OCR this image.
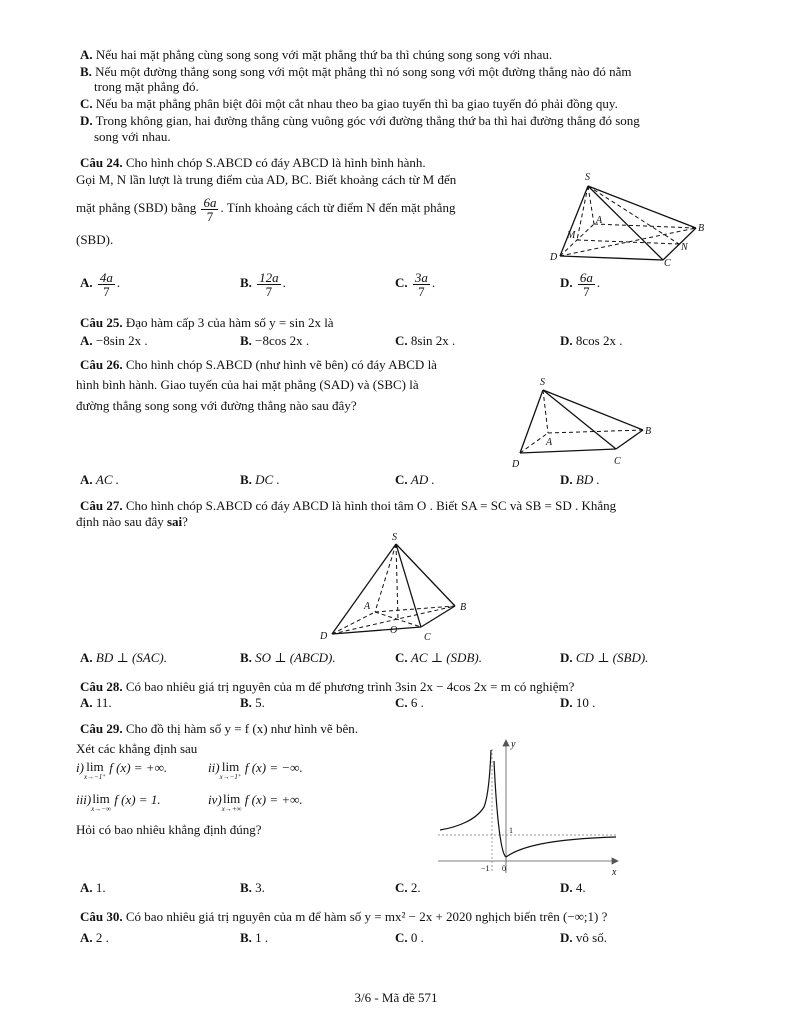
A. Nếu hai mặt phẳng cùng song song với mặt phẳng thứ ba thì chúng song song với nhau.
B. Nếu một đường thẳng song song với một mặt phẳng thì nó song song với một đường thẳng nào đó nằm
trong mặt phẳng đó.
C. Nếu ba mặt phẳng phân biệt đôi một cắt nhau theo ba giao tuyến thì ba giao tuyến đó phải đồng quy.
D. Trong không gian, hai đường thẳng cùng vuông góc với đường thẳng thứ ba thì hai đường thẳng đó song
song với nhau.
Câu 24. Cho hình chóp S.ABCD có đáy ABCD là hình bình hành.
Gọi M, N lần lượt là trung điểm của AD, BC. Biết khoảng cách từ M đến
mặt phẳng (SBD) bằng $\frac{6a}{7}$ . Tính khoảng cách từ điểm N đến mặt phẳng
(SBD).
S
A
B
C
D
M
N
A. $\frac{4a}{7}$ .	B. $\frac{12a}{7}$ .	C. $\frac{3a}{7}$ .	D. $\frac{6a}{7}$ .
Câu 25. Đạo hàm cấp 3 của hàm số y = sin 2x là
A. −8sin 2x .	B. −8cos 2x .	C. 8sin 2x .	D. 8cos 2x .
Câu 26. Cho hình chóp S.ABCD (như hình vẽ bên) có đáy ABCD là
hình bình hành. Giao tuyến của hai mặt phẳng (SAD) và (SBC) là
đường thẳng song song với đường thẳng nào sau đây?
S
A
B
C
D
A. AC .	B. DC .	C. AD .	D. BD .
Câu 27. Cho hình chóp S.ABCD có đáy ABCD là hình thoi tâm O . Biết SA = SC và SB = SD . Khẳng
định nào sau đây sai?
S
A	B
C
D
O
A. BD ⊥ (SAC).	B. SO ⊥ (ABCD).	C. AC ⊥ (SDB).	D. CD ⊥ (SBD).
Câu 28. Có bao nhiêu giá trị nguyên của m để phương trình 3sin 2x − 4cos 2x = m có nghiệm?
A. 11.	B. 5.	C. 6 .	D. 10 .
Câu 29. Cho đồ thị hàm số y = f (x) như hình vẽ bên.
Xét các khẳng định sau
i) lim
x→−1⁺
f (x) = +∞.	ii) lim
x→−1⁺
f (x) = −∞.
iii)lim
x→−∞
f (x) = 1.	iv)lim
x→+∞
f (x) = +∞.
Hỏi có bao nhiêu khẳng định đúng?
y
x
1
−1 0
A. 1.	B. 3.	C. 2.	D. 4.
Câu 30. Có bao nhiêu giá trị nguyên của m để hàm số y = mx² − 2x + 2020 nghịch biến trên (−∞;1) ?
A. 2 .	B. 1 .	C. 0 .	D. vô số.
3/6 - Mã đề 571
